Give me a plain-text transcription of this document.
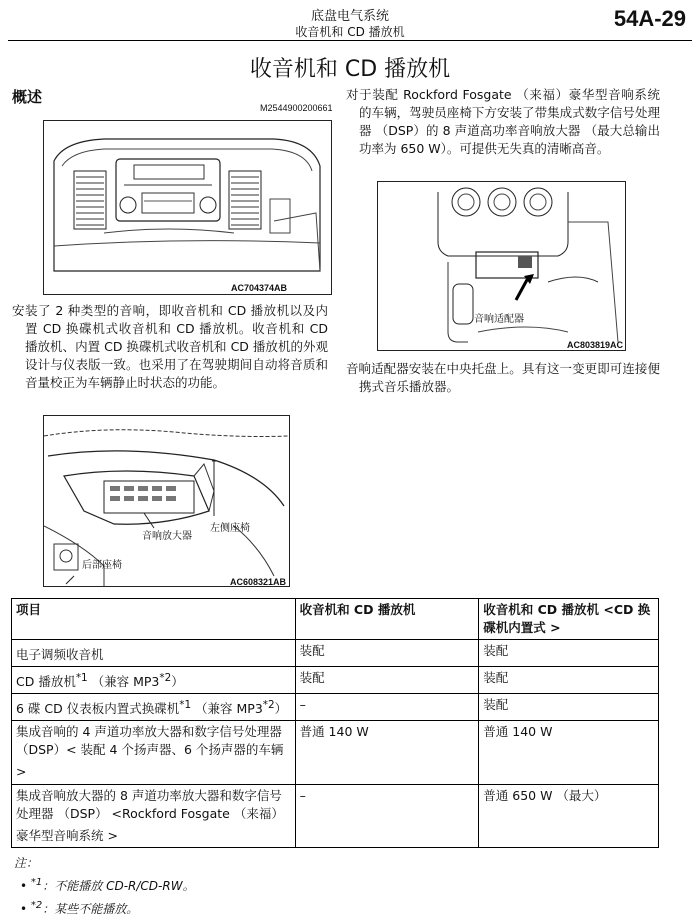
底盘电气系统
收音机和 CD 播放机
54A-29
收音机和 CD 播放机
概述
M2544900200661
AC704374AB
安装了 2 种类型的音响，即收音机和 CD 播放机以及内置 CD 换碟机式收音机和 CD 播放机。收音机和 CD 播放机、内置 CD 换碟机式收音机和 CD 播放机的外观设计与仪表版一致。也采用了在驾驶期间自动将音质和音量校正为车辆静止时状态的功能。
音响放大器
左侧座椅
后部座椅
AC608321AB
对于装配 Rockford Fosgate （来福）豪华型音响系统的车辆，驾驶员座椅下方安装了带集成式数字信号处理器 （DSP）的 8 声道高功率音响放大器 （最大总输出功率为 650 W）。可提供无失真的清晰高音。
音响适配器
AC803819AC
音响适配器安装在中央托盘上。具有这一变更即可连接便携式音乐播放器。
项目	收音机和 CD 播放机	收音机和 CD 播放机 <CD 换碟机内置式 >
电子调频收音机	装配	装配
CD 播放机$^{*1}$ （兼容 MP3$^{*2}$）	装配	装配
6 碟 CD 仪表板内置式换碟机$^{*1}$ （兼容 MP3$^{*2}$）	–	装配
集成音响的 4 声道功率放大器和数字信号处理器 （DSP）< 装配 4 个扬声器、6 个扬声器的车辆 >	普通 140 W	普通 140 W
集成音响放大器的 8 声道功率放大器和数字信号处理器 （DSP） <Rockford Fosgate （来福）豪华型音响系统 >	–	普通 650 W （最大）
注：
• $^{*1}$：不能播放 CD-R/CD-RW。
• $^{*2}$：某些不能播放。
